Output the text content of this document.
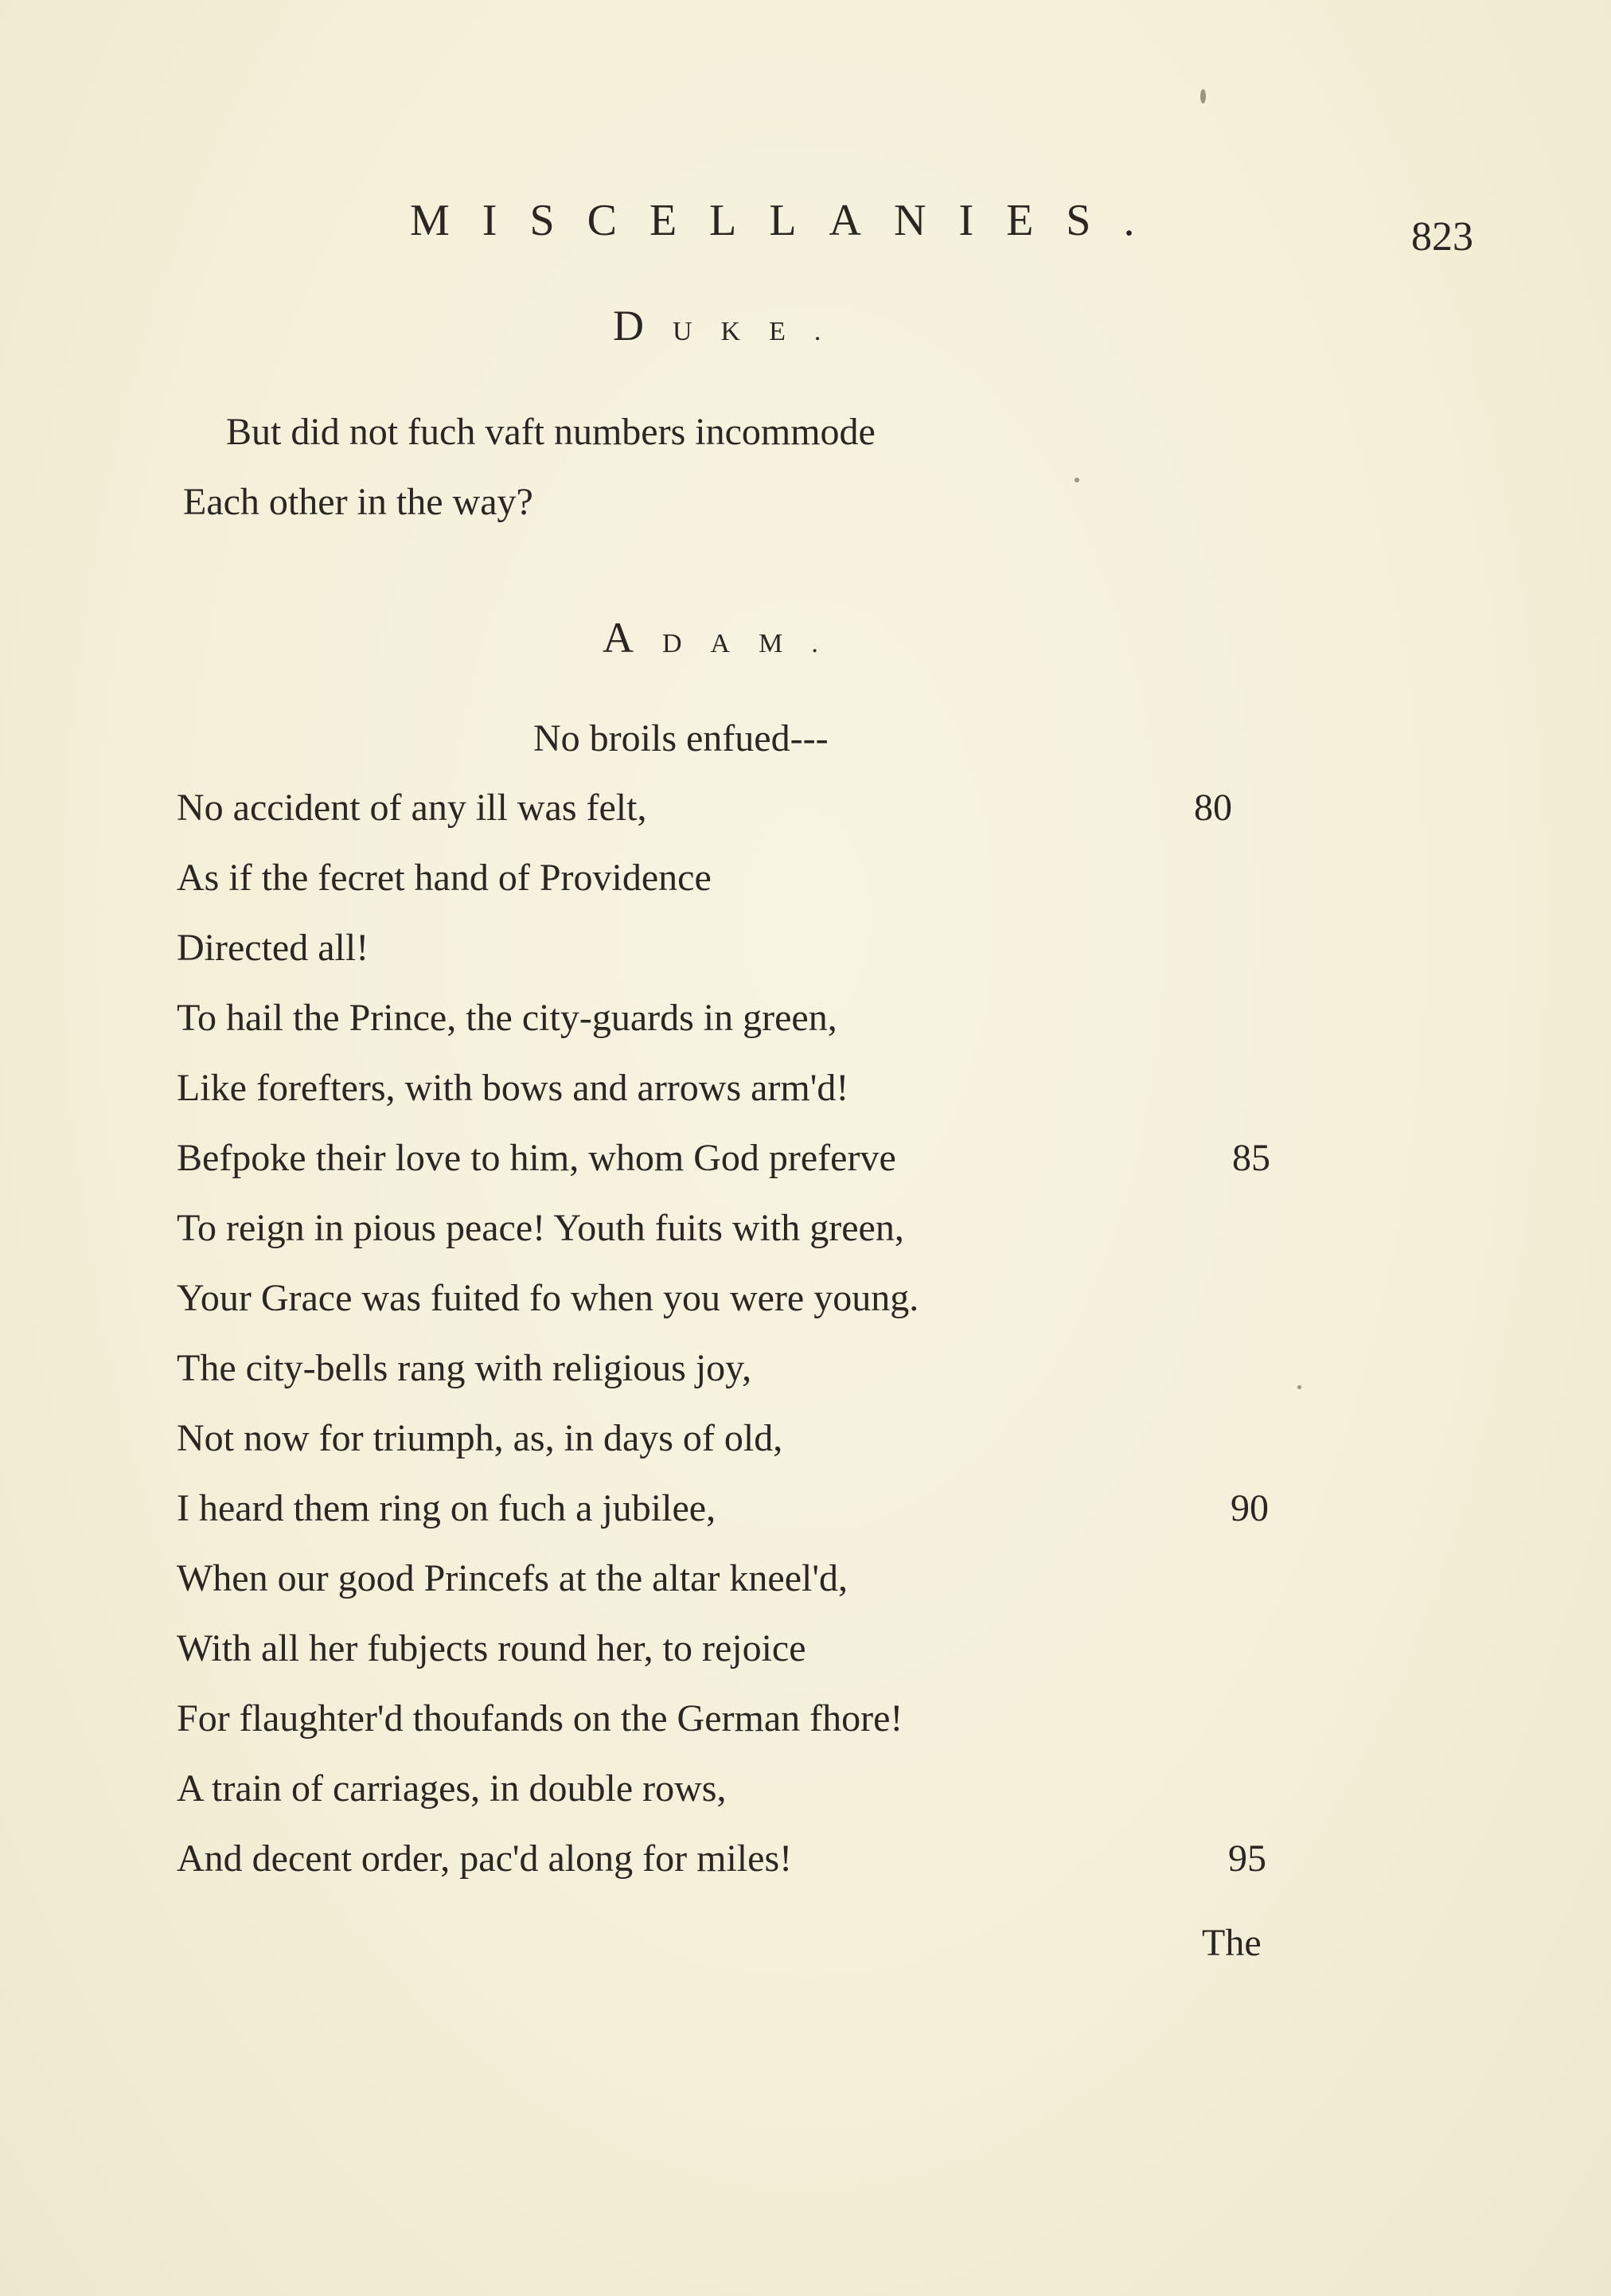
MISCELLANIES.	823
DUKE.
But did not fuch vaft numbers incommode
Each other in the way?
ADAM.
No broils enfued---
No accident of any ill was felt,	80
As if the fecret hand of Providence
Directed all!
To hail the Prince, the city-guards in green,
Like forefters, with bows and arrows arm'd!
Befpoke their love to him, whom God preferve	85
To reign in pious peace! Youth fuits with green,
Your Grace was fuited fo when you were young.
The city-bells rang with religious joy,
Not now for triumph, as, in days of old,
I heard them ring on fuch a jubilee,	90
When our good Princefs at the altar kneel'd,
With all her fubjects round her, to rejoice
For flaughter'd thoufands on the German fhore!
A train of carriages, in double rows,
And decent order, pac'd along for miles!	95
The
